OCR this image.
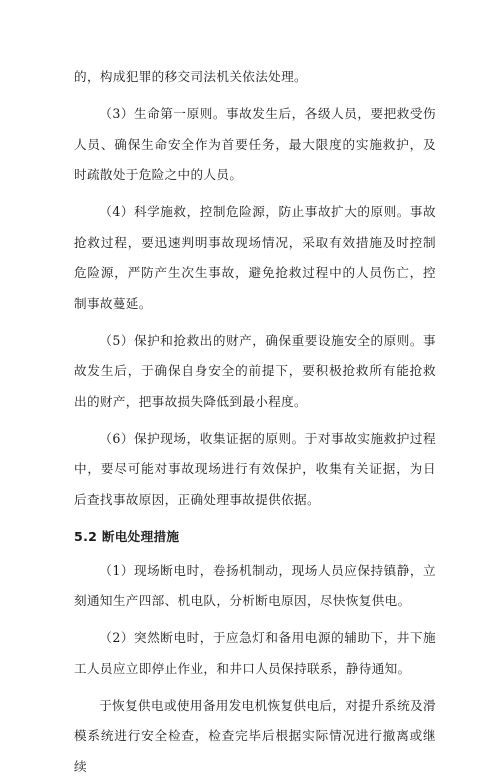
的，构成犯罪的移交司法机关依法处理。

（3）生命第一原则。事故发生后，各级人员，要把救受伤人员、确保生命安全作为首要任务，最大限度的实施救护，及时疏散处于危险之中的人员。

（4）科学施救，控制危险源，防止事故扩大的原则。事故抢救过程，要迅速判明事故现场情况，采取有效措施及时控制危险源，严防产生次生事故，避免抢救过程中的人员伤亡，控制事故蔓延。

（5）保护和抢救出的财产，确保重要设施安全的原则。事故发生后，于确保自身安全的前提下，要积极抢救所有能抢救出的财产，把事故损失降低到最小程度。

（6）保护现场，收集证据的原则。于对事故实施救护过程中，要尽可能对事故现场进行有效保护，收集有关证据，为日后查找事故原因，正确处理事故提供依据。

5.2 断电处理措施

（1）现场断电时，卷扬机制动，现场人员应保持镇静，立刻通知生产四部、机电队，分析断电原因，尽快恢复供电。

（2）突然断电时，于应急灯和备用电源的辅助下，井下施工人员应立即停止作业，和井口人员保持联系，静待通知。

于恢复供电或使用备用发电机恢复供电后，对提升系统及滑模系统进行安全检查，检查完毕后根据实际情况进行撤离或继续
